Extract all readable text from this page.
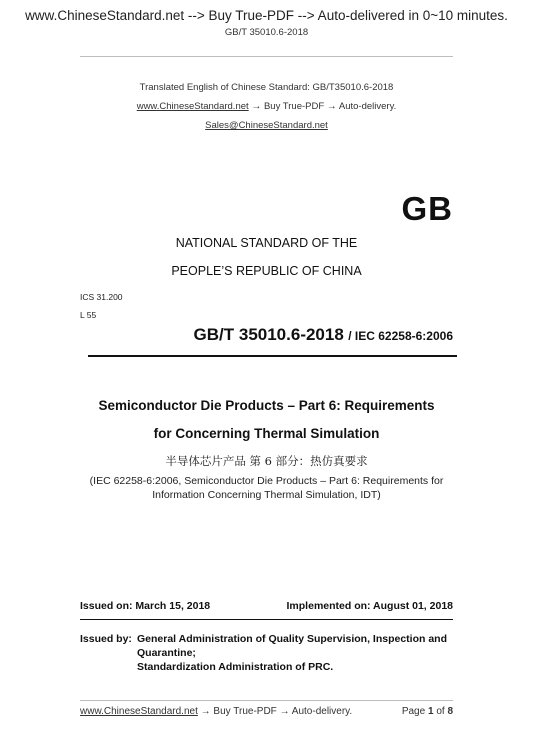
www.ChineseStandard.net --> Buy True-PDF --> Auto-delivered in 0~10 minutes.
GB/T 35010.6-2018
Translated English of Chinese Standard: GB/T35010.6-2018
www.ChineseStandard.net → Buy True-PDF → Auto-delivery.
Sales@ChineseStandard.net
GB
NATIONAL STANDARD OF THE
PEOPLE’S REPUBLIC OF CHINA
ICS 31.200
L 55
GB/T 35010.6-2018 / IEC 62258-6:2006
Semiconductor Die Products – Part 6: Requirements
for Concerning Thermal Simulation
半导体芯片产品 第 6 部分：热仿真要求
(IEC 62258-6:2006, Semiconductor Die Products – Part 6: Requirements for
Information Concerning Thermal Simulation, IDT)
Issued on: March 15, 2018	Implemented on: August 01, 2018
Issued by: General Administration of Quality Supervision, Inspection and
Quarantine;
Standardization Administration of PRC.
www.ChineseStandard.net → Buy True-PDF → Auto-delivery.	Page 1 of 8
